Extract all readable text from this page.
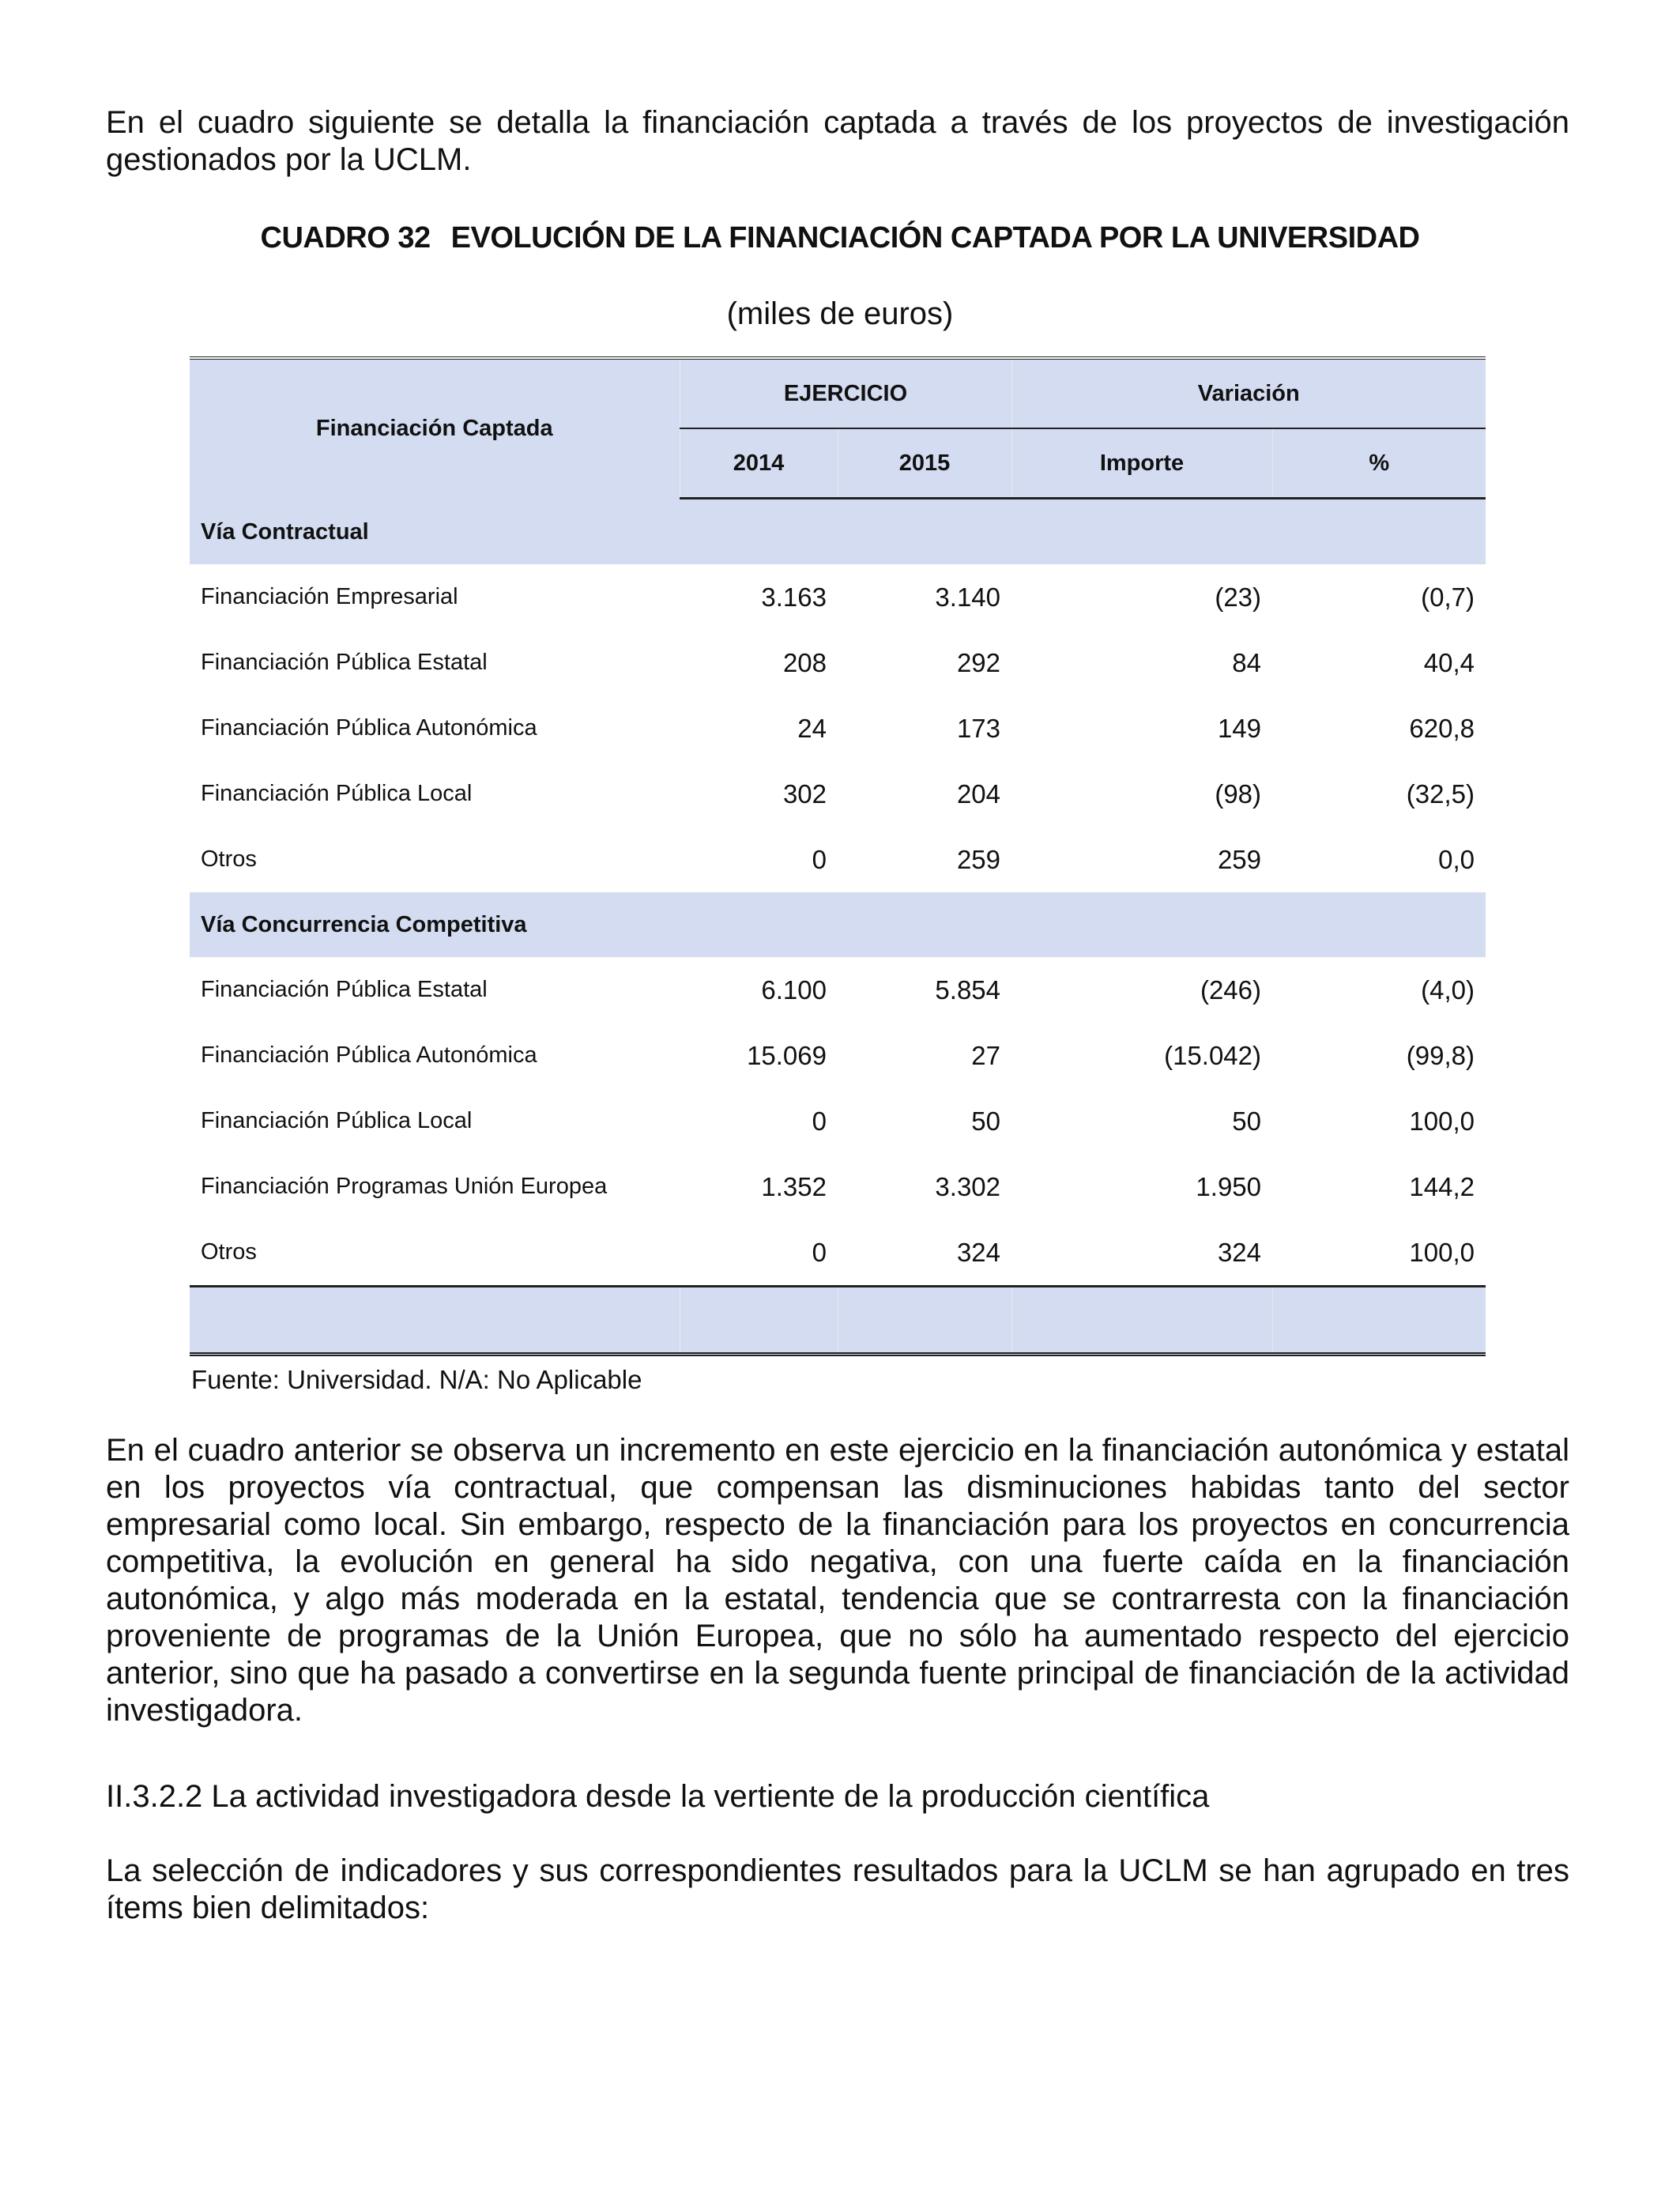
En el cuadro siguiente se detalla la financiación captada a través de los proyectos de investigación gestionados por la UCLM.

CUADRO 32 EVOLUCIÓN DE LA FINANCIACIÓN CAPTADA POR LA UNIVERSIDAD
(miles de euros)
Financiación Captada	EJERCICIO		Variación	
	2014	2015	Importe	%
Vía Contractual				
Financiación Empresarial	3.163	3.140	(23)	(0,7)
Financiación Pública Estatal	208	292	84	40,4
Financiación Pública Autonómica	24	173	149	620,8
Financiación Pública Local	302	204	(98)	(32,5)
Otros	0	259	259	0,0
Vía Concurrencia Competitiva				
Financiación Pública Estatal	6.100	5.854	(246)	(4,0)
Financiación Pública Autonómica	15.069	27	(15.042)	(99,8)
Financiación Pública Local	0	50	50	100,0
Financiación Programas Unión Europea	1.352	3.302	1.950	144,2
Otros	0	324	324	100,0

Fuente: Universidad. N/A: No Aplicable

En el cuadro anterior se observa un incremento en este ejercicio en la financiación autonómica y estatal en los proyectos vía contractual, que compensan las disminuciones habidas tanto del sector empresarial como local. Sin embargo, respecto de la financiación para los proyectos en concurrencia competitiva, la evolución en general ha sido negativa, con una fuerte caída en la financiación autonómica, y algo más moderada en la estatal, tendencia que se contrarresta con la financiación proveniente de programas de la Unión Europea, que no sólo ha aumentado respecto del ejercicio anterior, sino que ha pasado a convertirse en la segunda fuente principal de financiación de la actividad investigadora.

II.3.2.2 La actividad investigadora desde la vertiente de la producción científica

La selección de indicadores y sus correspondientes resultados para la UCLM se han agrupado en tres ítems bien delimitados:
